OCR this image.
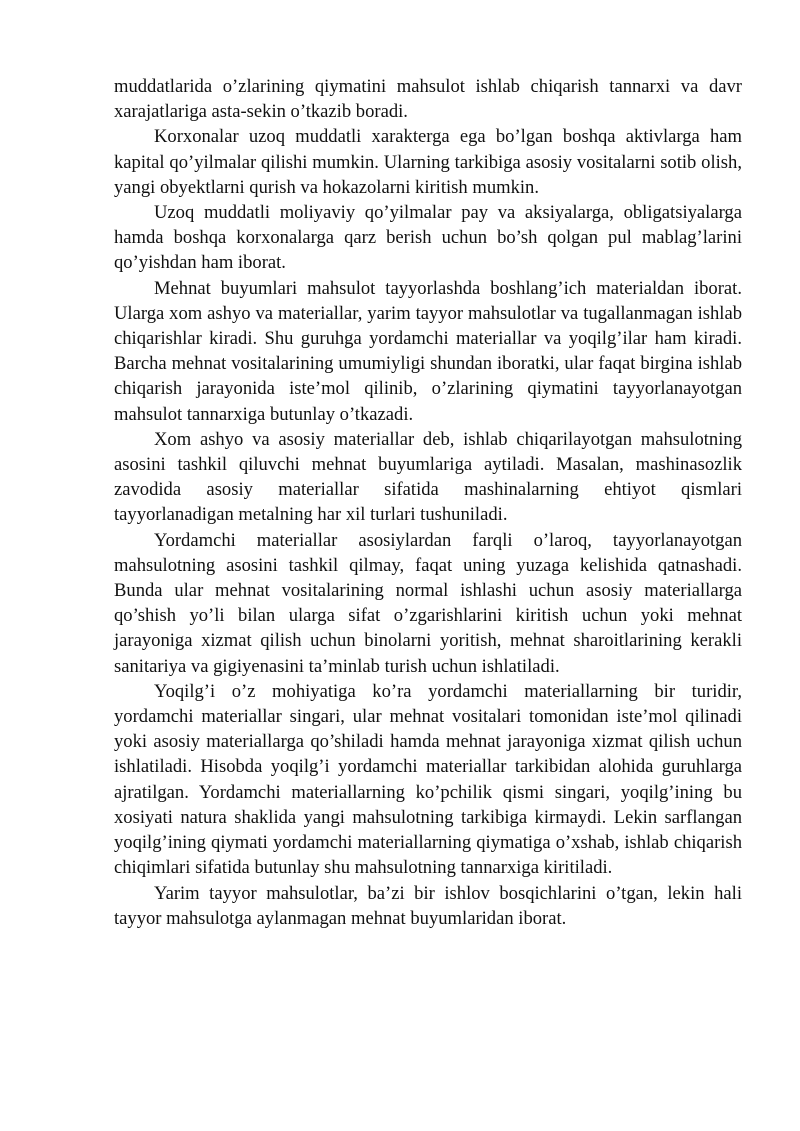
muddatlarida o’zlarining qiymatini mahsulot ishlab chiqarish tannarxi va davr xarajatlariga asta-sekin o’tkazib boradi.

Korxonalar uzoq muddatli xarakterga ega bo’lgan boshqa aktivlarga ham kapital qo’yilmalar qilishi mumkin. Ularning tarkibiga asosiy vositalarni sotib olish, yangi obyektlarni qurish va hokazolarni kiritish mumkin.

Uzoq muddatli moliyaviy qo’yilmalar pay va aksiyalarga, obligatsiyalarga hamda boshqa korxonalarga qarz berish uchun bo’sh qolgan pul mablag’larini qo’yishdan ham iborat.

Mehnat buyumlari mahsulot tayyorlashda boshlang’ich materialdan iborat. Ularga xom ashyo va materiallar, yarim tayyor mahsulotlar va tugallanmagan ishlab chiqarishlar kiradi. Shu guruhga yordamchi materiallar va yoqilg’ilar ham kiradi. Barcha mehnat vositalarining umumiyligi shundan iboratki, ular faqat birgina ishlab chiqarish jarayonida iste’mol qilinib, o’zlarining qiymatini tayyorlanayotgan mahsulot tannarxiga butunlay o’tkazadi.

Xom ashyo va asosiy materiallar deb, ishlab chiqarilayotgan mahsulotning asosini tashkil qiluvchi mehnat buyumlariga aytiladi. Masalan, mashinasozlik zavodida asosiy materiallar sifatida mashinalarning ehtiyot qismlari tayyorlanadigan metalning har xil turlari tushuniladi.

Yordamchi materiallar asosiylardan farqli o’laroq, tayyorlanayotgan mahsulotning asosini tashkil qilmay, faqat uning yuzaga kelishida qatnashadi. Bunda ular mehnat vositalarining normal ishlashi uchun asosiy materiallarga qo’shish yo’li bilan ularga sifat o’zgarishlarini kiritish uchun yoki mehnat jarayoniga xizmat qilish uchun binolarni yoritish, mehnat sharoitlarining kerakli sanitariya va gigiyenasini ta’minlab turish uchun ishlatiladi.

Yoqilg’i o’z mohiyatiga ko’ra yordamchi materiallarning bir turidir, yordamchi materiallar singari, ular mehnat vositalari tomonidan iste’mol qilinadi yoki asosiy materiallarga qo’shiladi hamda mehnat jarayoniga xizmat qilish uchun ishlatiladi. Hisobda yoqilg’i yordamchi materiallar tarkibidan alohida guruhlarga ajratilgan. Yordamchi materiallarning ko’pchilik qismi singari, yoqilg’ining bu xosiyati natura shaklida yangi mahsulotning tarkibiga kirmaydi. Lekin sarflangan yoqilg’ining qiymati yordamchi materiallarning qiymatiga o’xshab, ishlab chiqarish chiqimlari sifatida butunlay shu mahsulotning tannarxiga kiritiladi.

Yarim tayyor mahsulotlar, ba’zi bir ishlov bosqichlarini o’tgan, lekin hali tayyor mahsulotga aylanmagan mehnat buyumlaridan iborat.
